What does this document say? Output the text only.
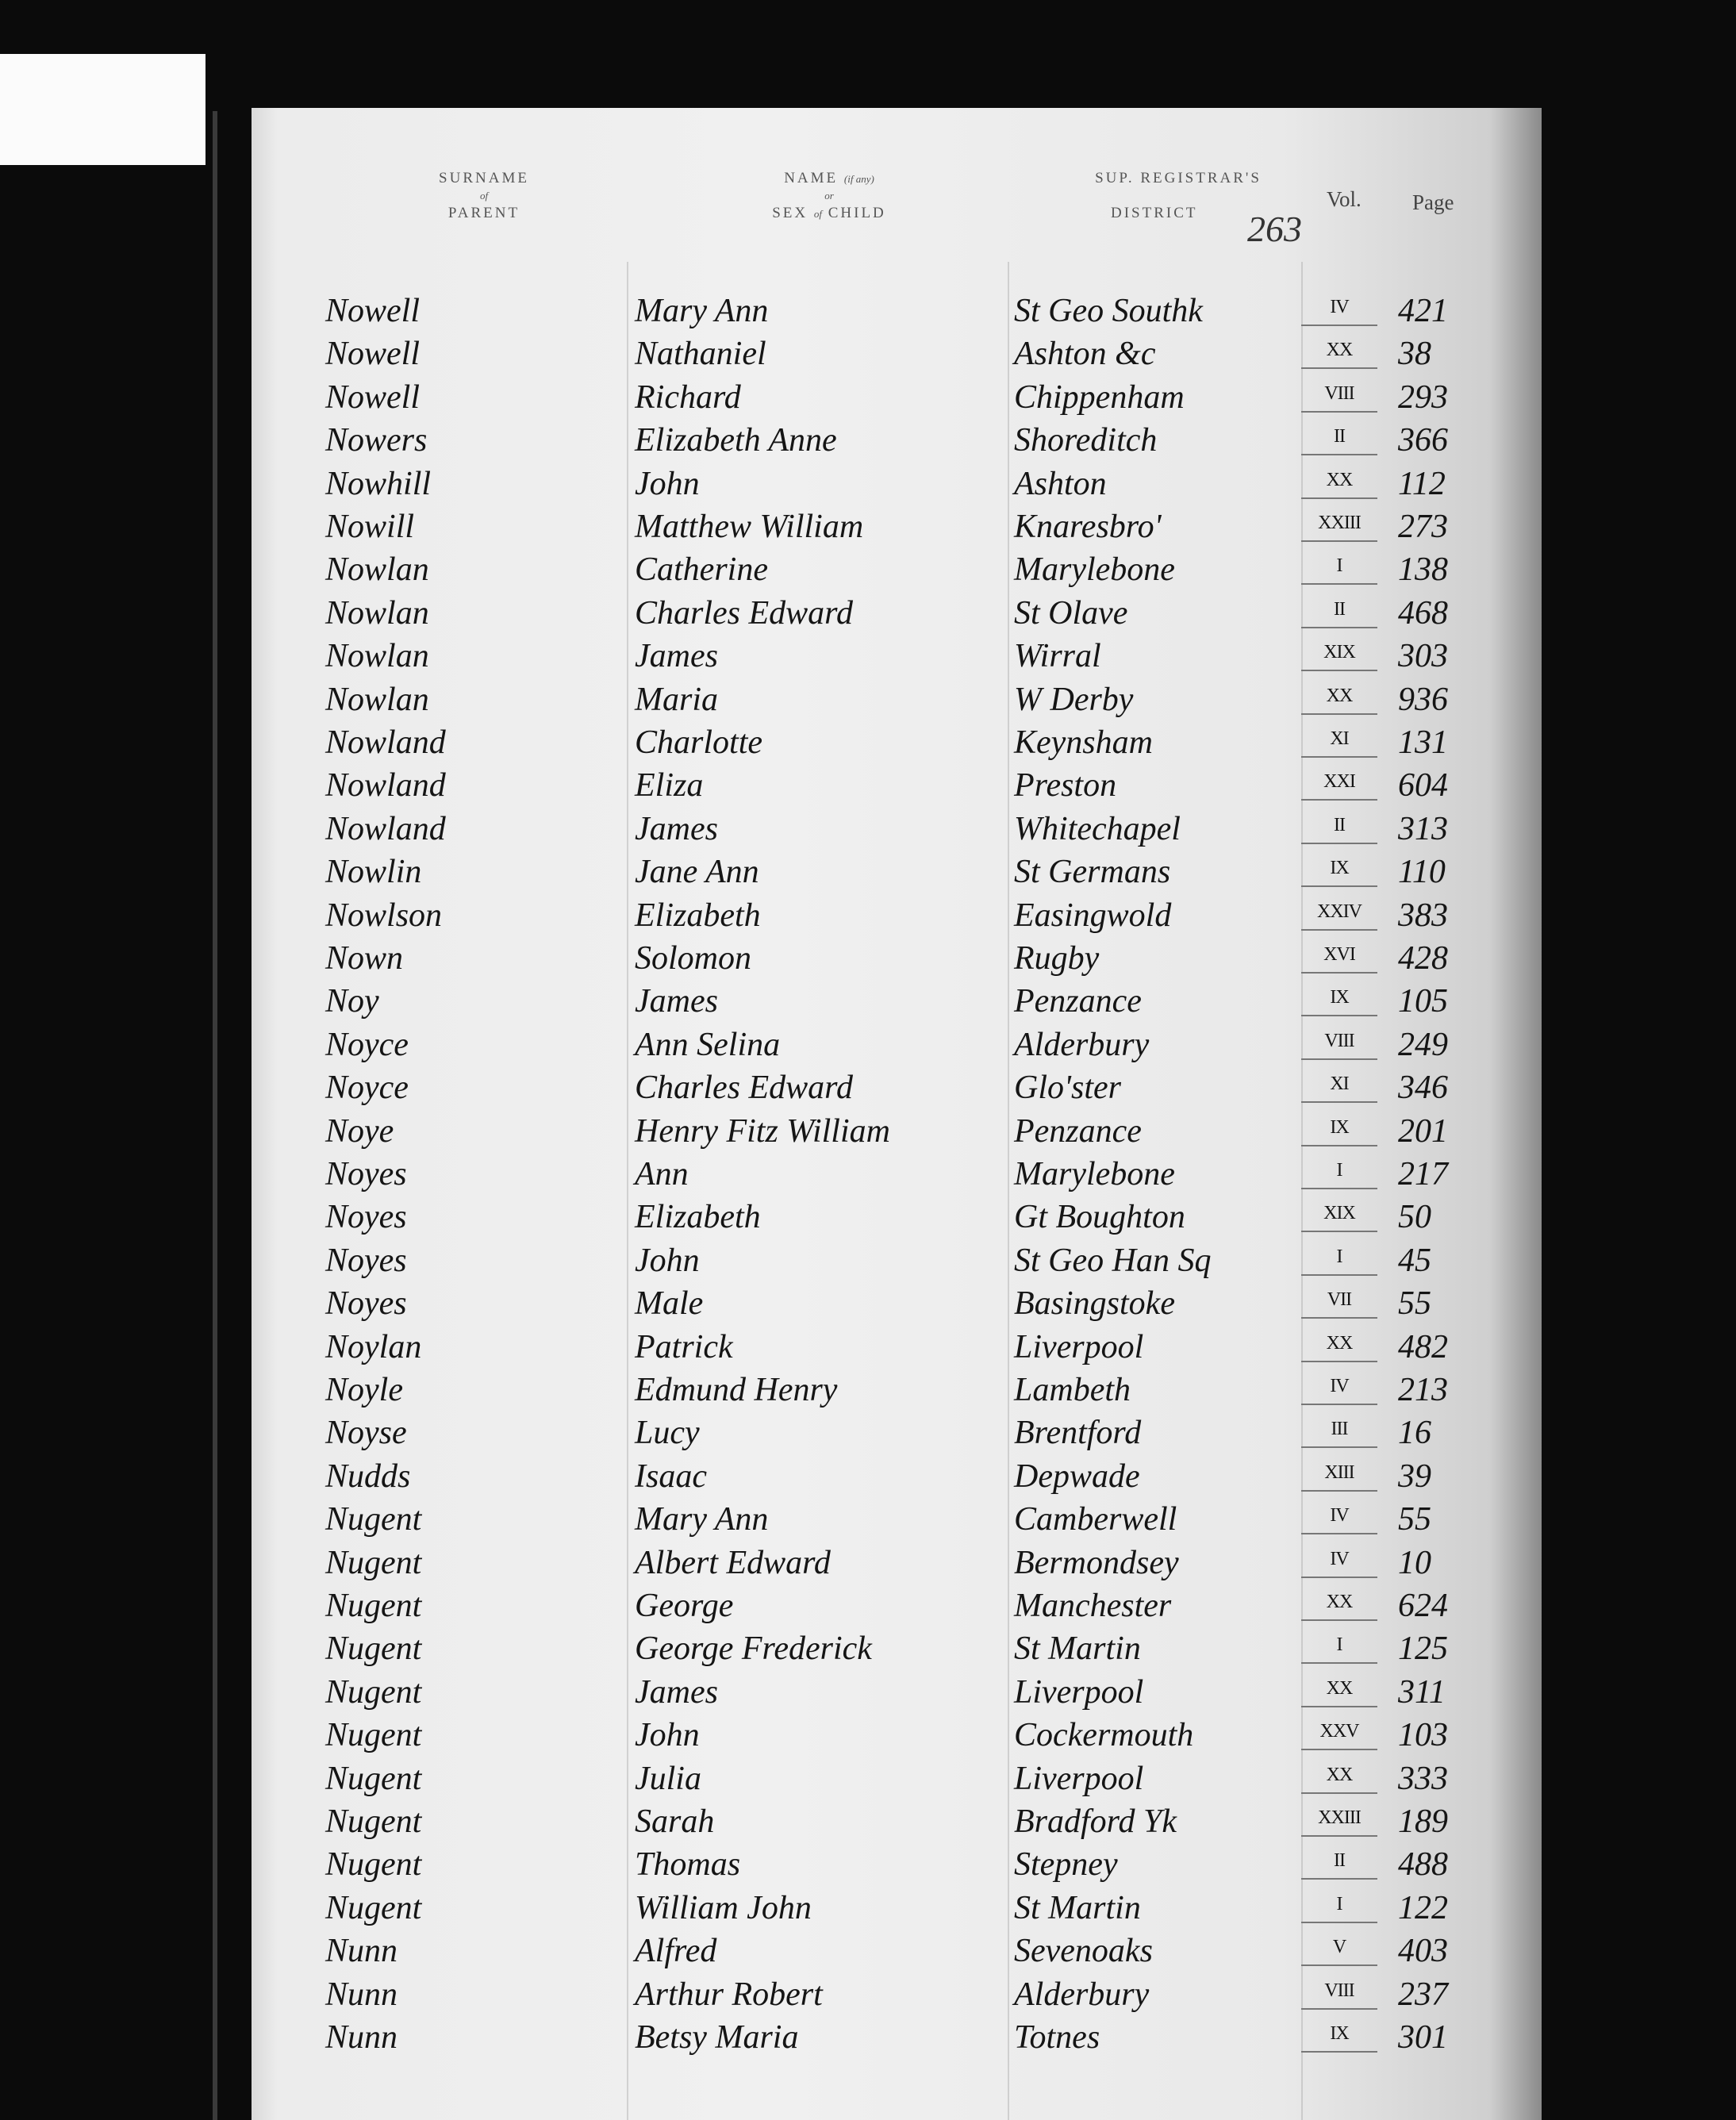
SURNAME
of
PARENT
NAME (if any)
or
SEX of CHILD
SUP. REGISTRAR'S

DISTRICT
Vol. Page
263
Nowell	Mary Ann	St Geo Southk	IV	421
Nowell	Nathaniel	Ashton &c	XX	38
Nowell	Richard	Chippenham	VIII	293
Nowers	Elizabeth Anne	Shoreditch	II	366
Nowhill	John	Ashton	XX	112
Nowill	Matthew William	Knaresbro'	XXIII	273
Nowlan	Catherine	Marylebone	I	138
Nowlan	Charles Edward	St Olave	II	468
Nowlan	James	Wirral	XIX	303
Nowlan	Maria	W Derby	XX	936
Nowland	Charlotte	Keynsham	XI	131
Nowland	Eliza	Preston	XXI	604
Nowland	James	Whitechapel	II	313
Nowlin	Jane Ann	St Germans	IX	110
Nowlson	Elizabeth	Easingwold	XXIV	383
Nown	Solomon	Rugby	XVI	428
Noy	James	Penzance	IX	105
Noyce	Ann Selina	Alderbury	VIII	249
Noyce	Charles Edward	Glo'ster	XI	346
Noye	Henry Fitz William	Penzance	IX	201
Noyes	Ann	Marylebone	I	217
Noyes	Elizabeth	Gt Boughton	XIX	50
Noyes	John	St Geo Han Sq	I	45
Noyes	Male	Basingstoke	VII	55
Noylan	Patrick	Liverpool	XX	482
Noyle	Edmund Henry	Lambeth	IV	213
Noyse	Lucy	Brentford	III	16
Nudds	Isaac	Depwade	XIII	39
Nugent	Mary Ann	Camberwell	IV	55
Nugent	Albert Edward	Bermondsey	IV	10
Nugent	George	Manchester	XX	624
Nugent	George Frederick	St Martin	I	125
Nugent	James	Liverpool	XX	311
Nugent	John	Cockermouth	XXV	103
Nugent	Julia	Liverpool	XX	333
Nugent	Sarah	Bradford Yk	XXIII	189
Nugent	Thomas	Stepney	II	488
Nugent	William John	St Martin	I	122
Nunn	Alfred	Sevenoaks	V	403
Nunn	Arthur Robert	Alderbury	VIII	237
Nunn	Betsy Maria	Totnes	IX	301
